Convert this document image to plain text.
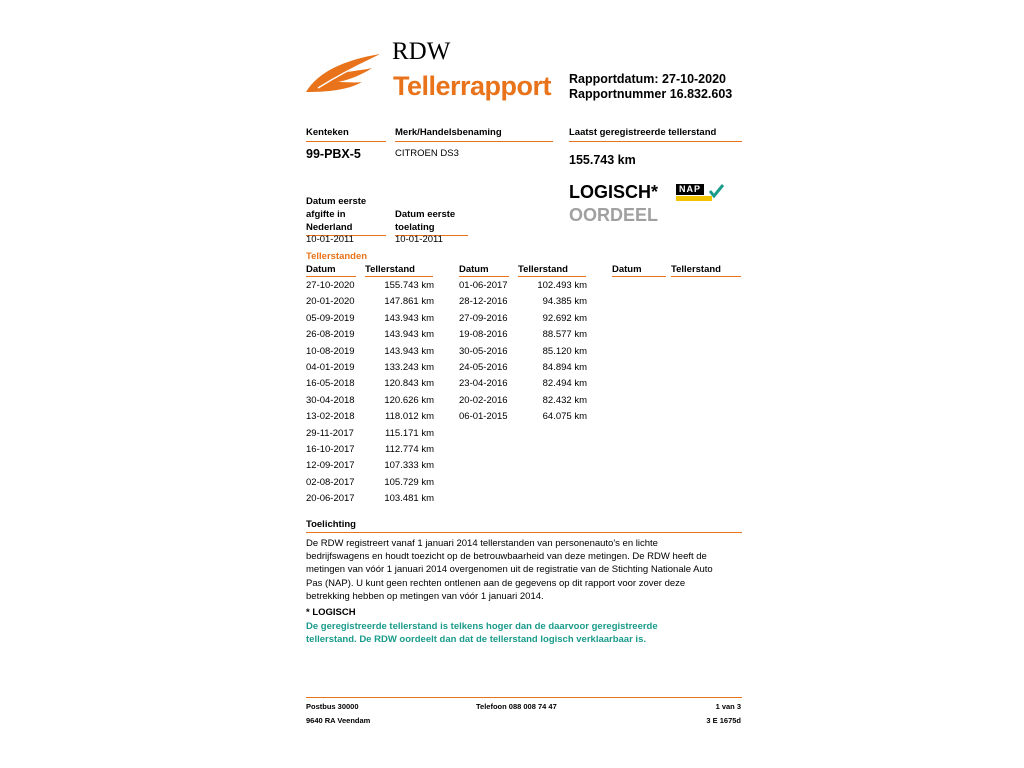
RDW
Tellerrapport Rapportdatum: 27-10-2020
Rapportnummer 16.832.603
Kenteken
99-PBX-5
Merk/Handelsbenaming
CITROEN DS3
Laatst geregistreerde tellerstand
155.743 km
Datum eerste
afgifte in
Nederland
10-01-2011
Datum eerste
toelating
10-01-2011
LOGISCH*
OORDEEL
NAP
Tellerstanden
Datum	Tellerstand	Datum	Tellerstand	Datum	Tellerstand
27-10-2020	155.743 km
20-01-2020	147.861 km
05-09-2019	143.943 km
26-08-2019	143.943 km
10-08-2019	143.943 km
04-01-2019	133.243 km
16-05-2018	120.843 km
30-04-2018	120.626 km
13-02-2018	118.012 km
29-11-2017	115.171 km
16-10-2017	112.774 km
12-09-2017	107.333 km
02-08-2017	105.729 km
20-06-2017	103.481 km
01-06-2017	102.493 km
28-12-2016	94.385 km
27-09-2016	92.692 km
19-08-2016	88.577 km
30-05-2016	85.120 km
24-05-2016	84.894 km
23-04-2016	82.494 km
20-02-2016	82.432 km
06-01-2015	64.075 km
Toelichting
De RDW registreert vanaf 1 januari 2014 tellerstanden van personenauto's en lichte
bedrijfswagens en houdt toezicht op de betrouwbaarheid van deze metingen. De RDW heeft de
metingen van vóór 1 januari 2014 overgenomen uit de registratie van de Stichting Nationale Auto
Pas (NAP). U kunt geen rechten ontlenen aan de gegevens op dit rapport voor zover deze
betrekking hebben op metingen van vóór 1 januari 2014.
* LOGISCH
De geregistreerde tellerstand is telkens hoger dan de daarvoor geregistreerde
tellerstand. De RDW oordeelt dan dat de tellerstand logisch verklaarbaar is.
Postbus 30000
9640 RA Veendam
Telefoon 088 008 74 47	1 van 3
3 E 1675d
